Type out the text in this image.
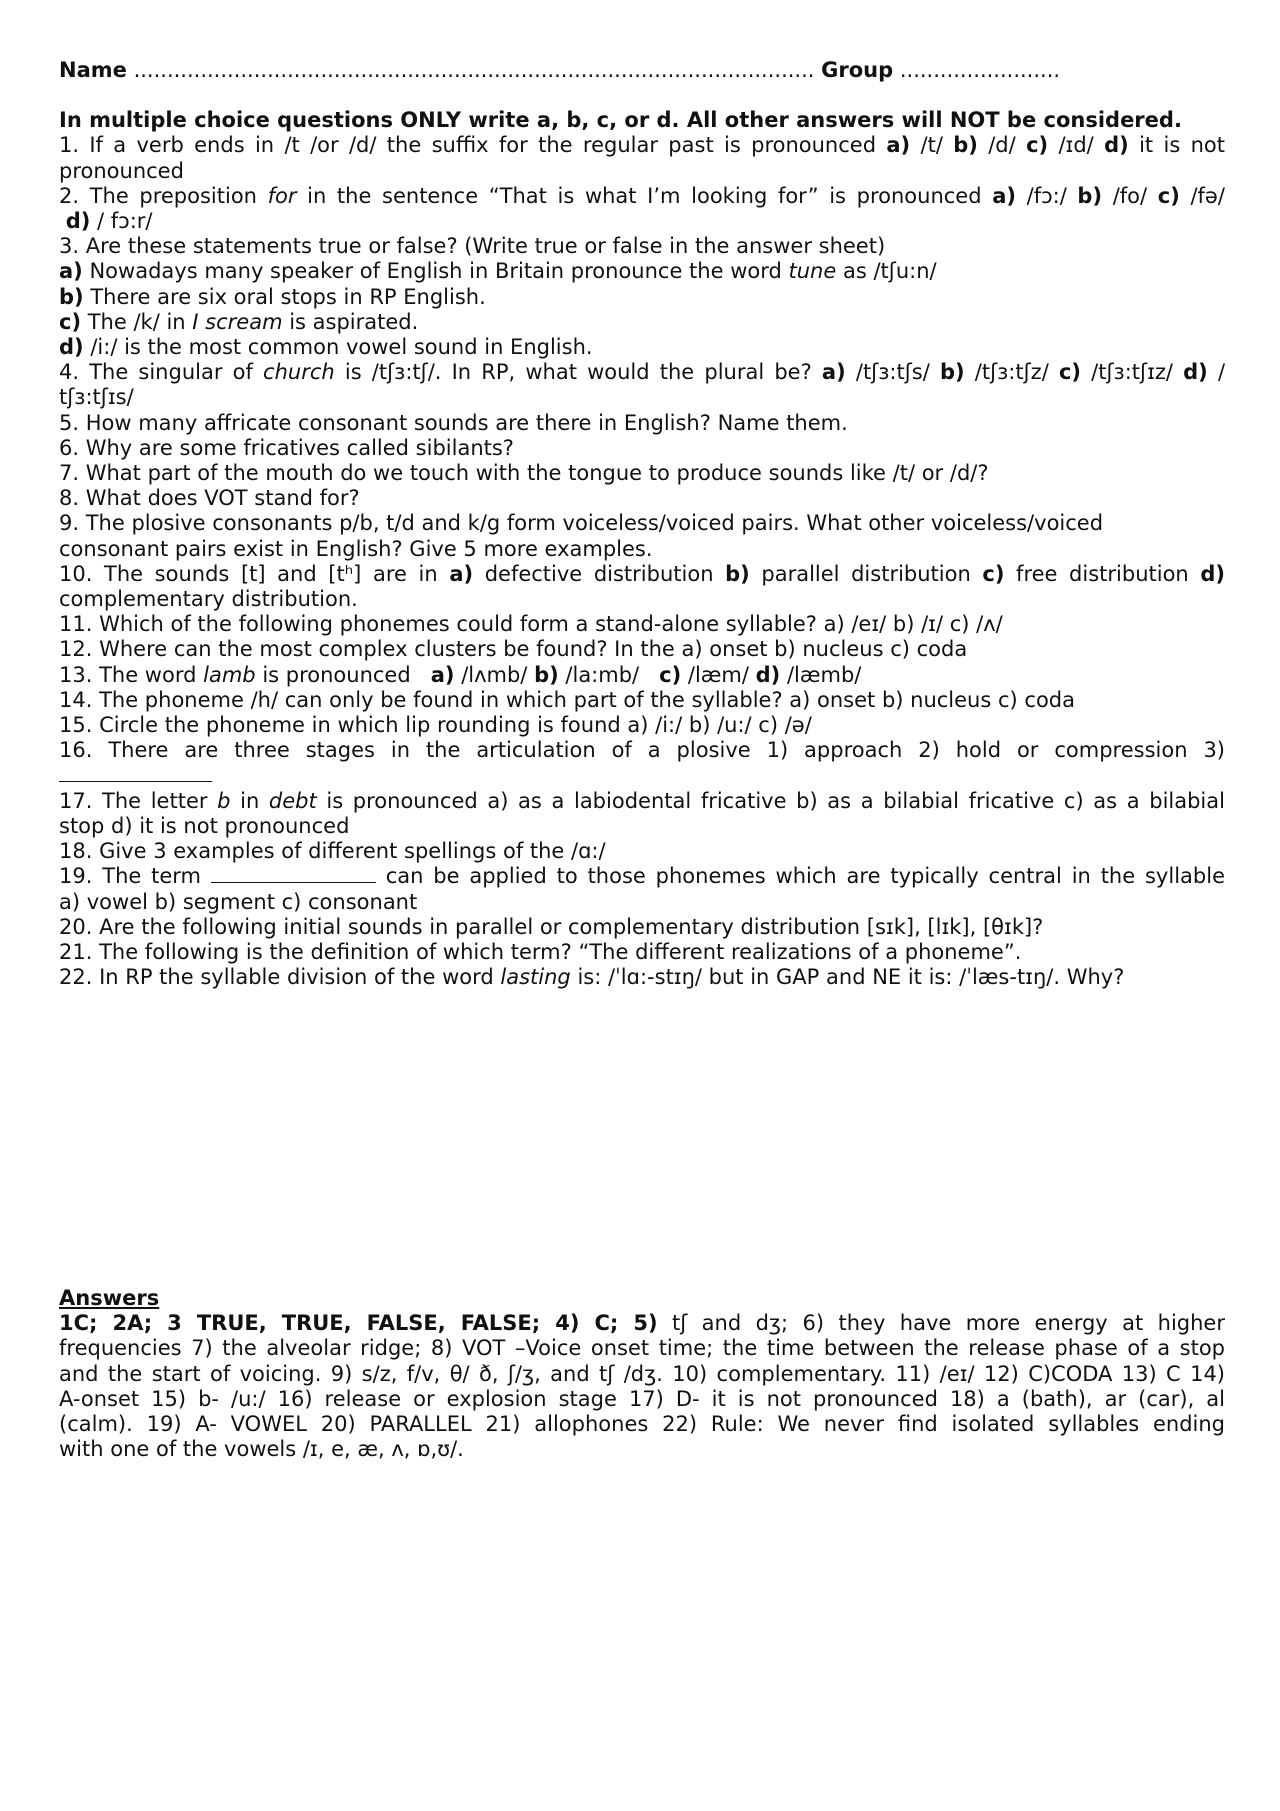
Name ...................................................................................................... Group ........................
In multiple choice questions ONLY write a, b, c, or d. All other answers will NOT be considered.
1. If a verb ends in /t /or /d/ the suffix for the regular past is pronounced a) /t/ b) /d/ c) /ɪd/ d) it is not
pronounced
2. The preposition for in the sentence “That is what I’m looking for” is pronounced a) /fɔ:/ b) /fo/ c) /fə/
d) / fɔ:r/
3. Are these statements true or false? (Write true or false in the answer sheet)
a) Nowadays many speaker of English in Britain pronounce the word tune as /tʃu:n/
b) There are six oral stops in RP English.
c) The /k/ in I scream is aspirated.
d) /i:/ is the most common vowel sound in English.
4. The singular of church is /tʃɜ:tʃ/. In RP, what would the plural be? a) /tʃɜ:tʃs/ b) /tʃɜ:tʃz/ c) /tʃɜ:tʃɪz/ d) /
tʃɜ:tʃɪs/
5. How many affricate consonant sounds are there in English? Name them.
6. Why are some fricatives called sibilants?
7. What part of the mouth do we touch with the tongue to produce sounds like /t/ or /d/?
8. What does VOT stand for?
9. The plosive consonants p/b, t/d and k/g form voiceless/voiced pairs. What other voiceless/voiced
consonant pairs exist in English? Give 5 more examples.
10. The sounds [t] and [tʰ] are in a) defective distribution b) parallel distribution c) free distribution d)
complementary distribution.
11. Which of the following phonemes could form a stand-alone syllable? a) /eɪ/ b) /ɪ/ c) /ʌ/
12. Where can the most complex clusters be found? In the a) onset b) nucleus c) coda
13. The word lamb is pronounced a) /lʌmb/ b) /la:mb/ c) /læm/ d) /læmb/
14. The phoneme /h/ can only be found in which part of the syllable? a) onset b) nucleus c) coda
15. Circle the phoneme in which lip rounding is found a) /i:/ b) /u:/ c) /ə/
16. There are three stages in the articulation of a plosive 1) approach 2) hold or compression 3)
17. The letter b in debt is pronounced a) as a labiodental fricative b) as a bilabial fricative c) as a bilabial
stop d) it is not pronounced
18. Give 3 examples of different spellings of the /ɑ:/
19. The term	can be applied to those phonemes which are typically central in the syllable
a) vowel b) segment c) consonant
20. Are the following initial sounds in parallel or complementary distribution [sɪk], [lɪk], [θɪk]?
21. The following is the definition of which term? “The different realizations of a phoneme”.
22. In RP the syllable division of the word lasting is: /ˈlɑ:-stɪŋ/ but in GAP and NE it is: /ˈlæs-tɪŋ/. Why?
Answers
1C; 2A; 3 TRUE, TRUE, FALSE, FALSE; 4) C; 5) tʃ and dʒ; 6) they have more energy at higher
frequencies 7) the alveolar ridge; 8) VOT –Voice onset time; the time between the release phase of a stop
and the start of voicing. 9) s/z, f/v, θ/ ð, ʃ/ʒ, and tʃ /dʒ. 10) complementary. 11) /eɪ/ 12) C)CODA 13) C 14)
A-onset 15) b- /u:/ 16) release or explosion stage 17) D- it is not pronounced 18) a (bath), ar (car), al
(calm). 19) A- VOWEL 20) PARALLEL 21) allophones 22) Rule: We never find isolated syllables ending
with one of the vowels /ɪ, e, æ, ʌ, ɒ,ʊ/.
